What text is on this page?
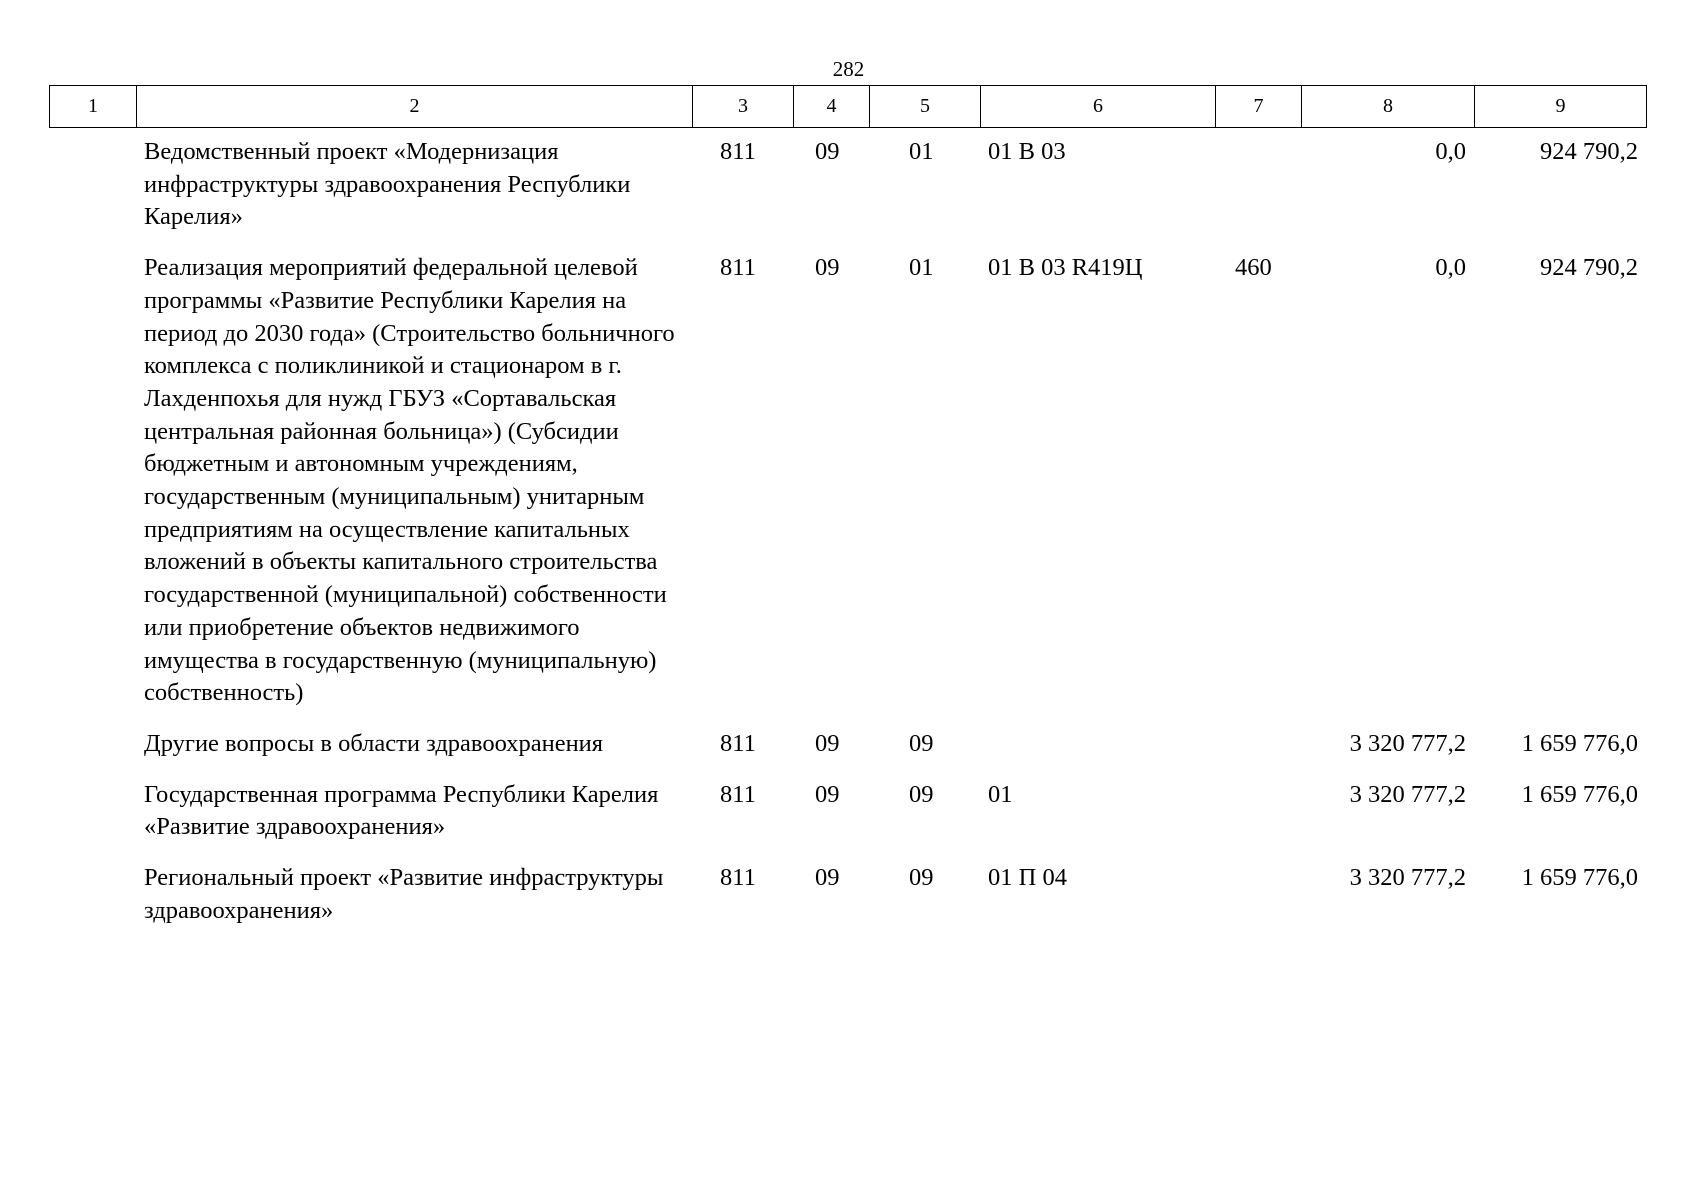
282
1	2	3	4	5	6	7	8	9
	Ведомственный проект «Модернизация инфраструктуры здравоохранения Республики Карелия»	811	09	01	01 В 03		0,0	924 790,2
	Реализация мероприятий федеральной целевой программы «Развитие Республики Карелия на период до 2030 года» (Строительство больничного комплекса с поликлиникой и стационаром в г. Лахденпохья для нужд ГБУЗ «Сортавальская центральная районная больница») (Субсидии бюджетным и автономным учреждениям, государственным (муниципальным) унитарным предприятиям на осуществление капитальных вложений в объекты капитального строительства государственной (муниципальной) собственности или приобретение объектов недвижимого имущества в государственную (муниципальную) собственность)	811	09	01	01 В 03 R419Ц	460	0,0	924 790,2
	Другие вопросы в области здравоохранения	811	09	09			3 320 777,2	1 659 776,0
	Государственная программа Республики Карелия «Развитие здравоохранения»	811	09	09	01		3 320 777,2	1 659 776,0
	Региональный проект «Развитие инфраструктуры здравоохранения»	811	09	09	01 П 04		3 320 777,2	1 659 776,0
